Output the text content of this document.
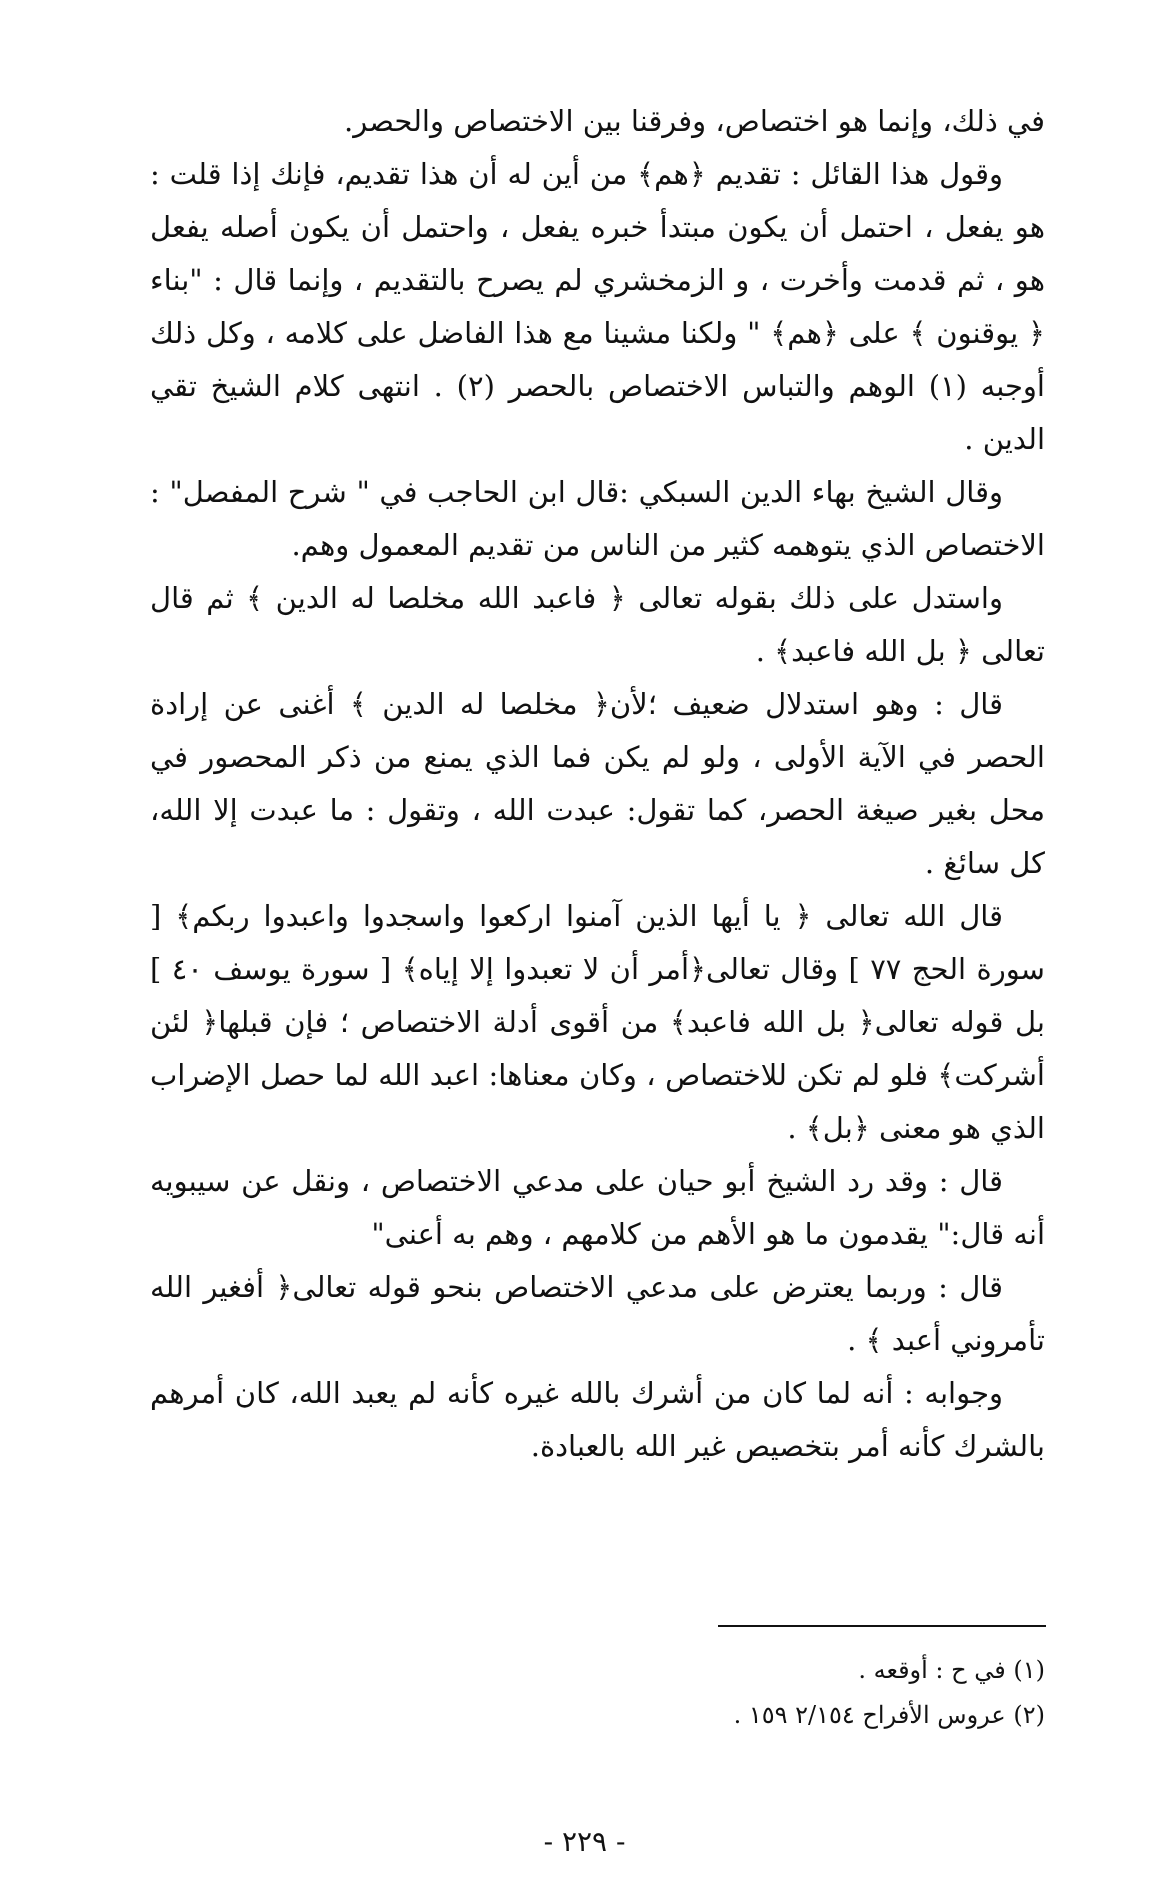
في ذلك، وإنما هو اختصاص، وفرقنا بين الاختصاص والحصر.

وقول هذا القائل : تقديم ﴿هم﴾ من أين له أن هذا تقديم، فإنك إذا قلت : هو يفعل ، احتمل أن يكون مبتدأ خبره يفعل ، واحتمل أن يكون أصله يفعل هو ، ثم قدمت وأخرت ، و الزمخشري لم يصرح بالتقديم ، وإنما قال : "بناء ﴿ يوقنون ﴾ على ﴿هم﴾ " ولكنا مشينا مع هذا الفاضل على كلامه ، وكل ذلك أوجبه (١) الوهم والتباس الاختصاص بالحصر (٢) . انتهى كلام الشيخ تقي الدين .

وقال الشيخ بهاء الدين السبكي :قال ابن الحاجب في " شرح المفصل" : الاختصاص الذي يتوهمه كثير من الناس من تقديم المعمول وهم.

واستدل على ذلك بقوله تعالى ﴿ فاعبد الله مخلصا له الدين ﴾ ثم قال تعالى ﴿ بل الله فاعبد﴾ .

قال : وهو استدلال ضعيف ؛لأن﴿ مخلصا له الدين ﴾ أغنى عن إرادة الحصر في الآية الأولى ، ولو لم يكن فما الذي يمنع من ذكر المحصور في محل بغير صيغة الحصر، كما تقول: عبدت الله ، وتقول : ما عبدت إلا الله، كل سائغ .

قال الله تعالى ﴿ يا أيها الذين آمنوا اركعوا واسجدوا واعبدوا ربكم﴾ [ سورة الحج ٧٧ ] وقال تعالى﴿أمر أن لا تعبدوا إلا إياه﴾ [ سورة يوسف ٤٠ ] بل قوله تعالى﴿ بل الله فاعبد﴾ من أقوى أدلة الاختصاص ؛ فإن قبلها﴿ لئن أشركت﴾ فلو لم تكن للاختصاص ، وكان معناها: اعبد الله لما حصل الإضراب الذي هو معنى ﴿بل﴾ .

قال : وقد رد الشيخ أبو حيان على مدعي الاختصاص ، ونقل عن سيبويه أنه قال:" يقدمون ما هو الأهم من كلامهم ، وهم به أعنى"

قال : وربما يعترض على مدعي الاختصاص بنحو قوله تعالى﴿ أفغير الله تأمروني أعبد ﴾ .

وجوابه : أنه لما كان من أشرك بالله غيره كأنه لم يعبد الله، كان أمرهم بالشرك كأنه أمر بتخصيص غير الله بالعبادة.

(١) في ح : أوقعه .

(٢) عروس الأفراح ٢/١٥٤ ١٥٩ .

- ٢٢٩ -
